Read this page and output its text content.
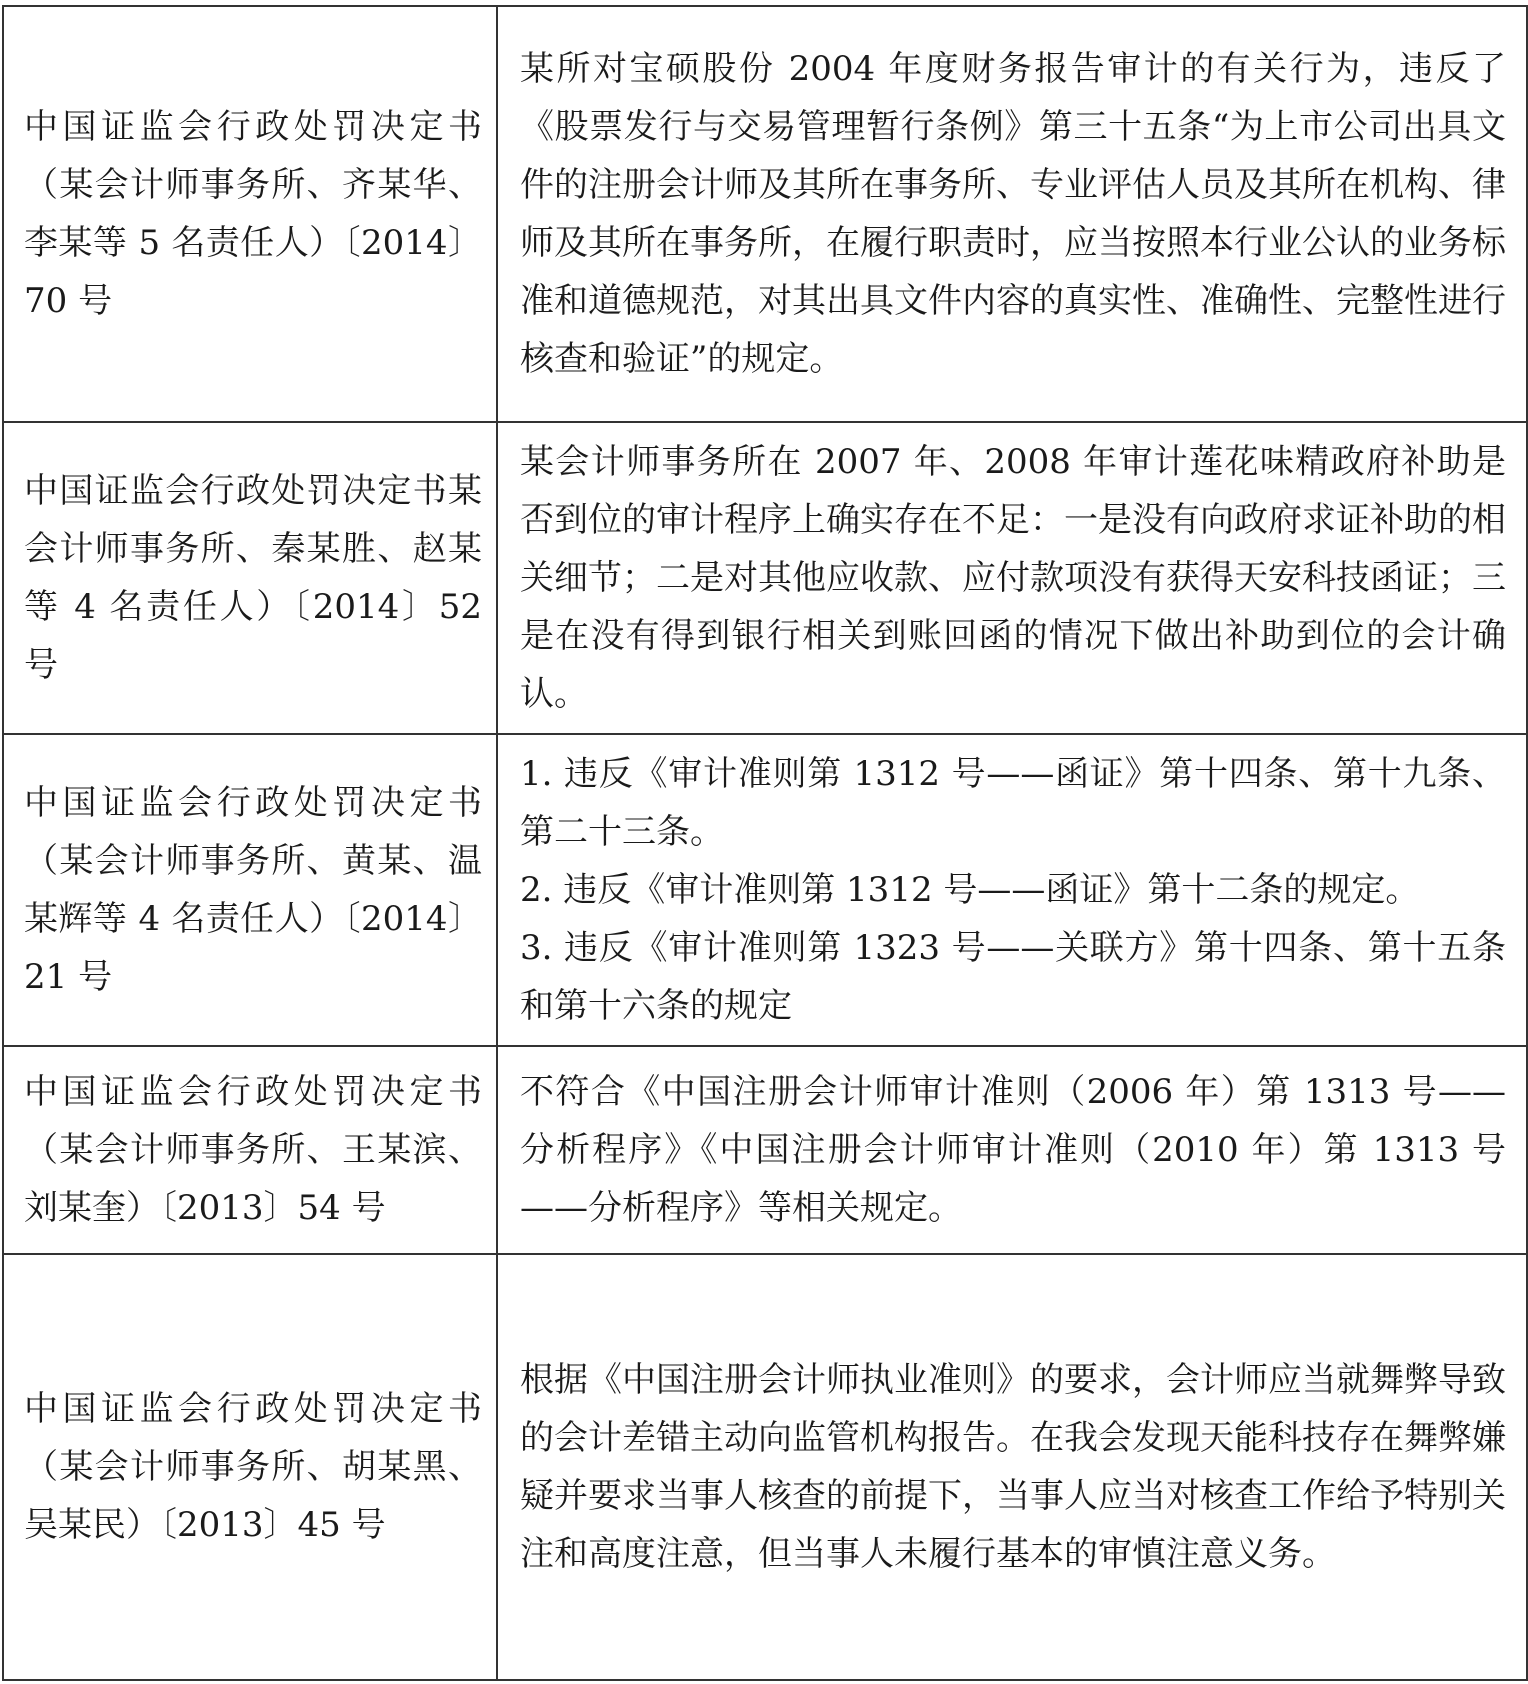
中国证监会行政处罚决定书（某会计师事务所、齐某华、李某等 5 名责任人）〔2014〕70 号	某所对宝硕股份 2004 年度财务报告审计的有关行为，违反了《股票发行与交易管理暂行条例》第三十五条“为上市公司出具文件的注册会计师及其所在事务所、专业评估人员及其所在机构、律师及其所在事务所，在履行职责时，应当按照本行业公认的业务标准和道德规范，对其出具文件内容的真实性、准确性、完整性进行核查和验证”的规定。
中国证监会行政处罚决定书某会计师事务所、秦某胜、赵某等 4 名责任人）〔2014〕52 号	某会计师事务所在 2007 年、2008 年审计莲花味精政府补助是否到位的审计程序上确实存在不足：一是没有向政府求证补助的相关细节；二是对其他应收款、应付款项没有获得天安科技函证；三是在没有得到银行相关到账回函的情况下做出补助到位的会计确认。
中国证监会行政处罚决定书（某会计师事务所、黄某、温某辉等 4 名责任人）〔2014〕21 号	1. 违反《审计准则第 1312 号——函证》第十四条、第十九条、第二十三条。
2. 违反《审计准则第 1312 号——函证》第十二条的规定。
3. 违反《审计准则第 1323 号——关联方》第十四条、第十五条和第十六条的规定
中国证监会行政处罚决定书（某会计师事务所、王某滨、刘某奎）〔2013〕54 号	不符合《中国注册会计师审计准则（2006 年）第 1313 号——分析程序》《中国注册会计师审计准则（2010 年）第 1313 号——分析程序》等相关规定。
中国证监会行政处罚决定书（某会计师事务所、胡某黑、吴某民）〔2013〕45 号	根据《中国注册会计师执业准则》的要求，会计师应当就舞弊导致的会计差错主动向监管机构报告。在我会发现天能科技存在舞弊嫌疑并要求当事人核查的前提下，当事人应当对核查工作给予特别关注和高度注意，但当事人未履行基本的审慎注意义务。
